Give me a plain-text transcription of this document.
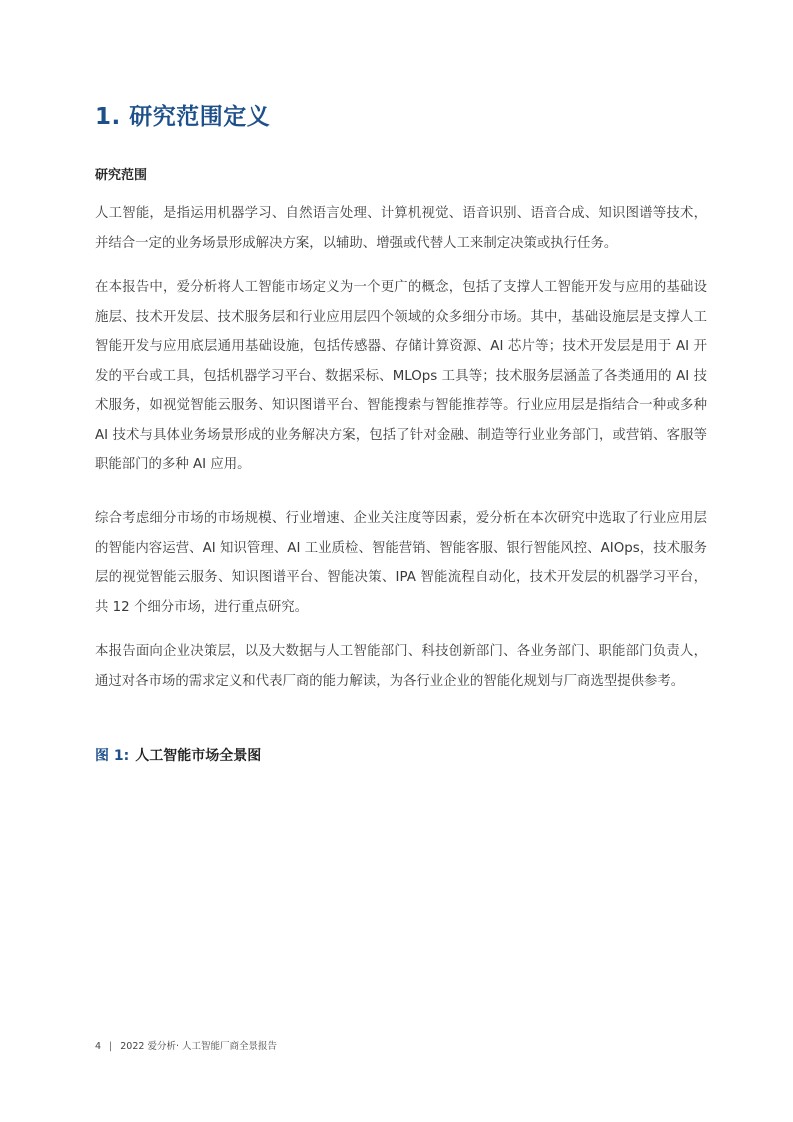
1. 研究范围定义
研究范围

人工智能，是指运用机器学习、自然语言处理、计算机视觉、语音识别、语音合成、知识图谱等技术，并结合一定的业务场景形成解决方案，以辅助、增强或代替人工来制定决策或执行任务。

在本报告中，爱分析将人工智能市场定义为一个更广的概念，包括了支撑人工智能开发与应用的基础设施层、技术开发层、技术服务层和行业应用层四个领域的众多细分市场。其中，基础设施层是支撑人工智能开发与应用底层通用基础设施，包括传感器、存储计算资源、AI 芯片等；技术开发层是用于 AI 开发的平台或工具，包括机器学习平台、数据采标、MLOps 工具等；技术服务层涵盖了各类通用的 AI 技术服务，如视觉智能云服务、知识图谱平台、智能搜索与智能推荐等。行业应用层是指结合一种或多种 AI 技术与具体业务场景形成的业务解决方案，包括了针对金融、制造等行业业务部门，或营销、客服等职能部门的多种 AI 应用。

综合考虑细分市场的市场规模、行业增速、企业关注度等因素，爱分析在本次研究中选取了行业应用层的智能内容运营、AI 知识管理、AI 工业质检、智能营销、智能客服、银行智能风控、AIOps，技术服务层的视觉智能云服务、知识图谱平台、智能决策、IPA 智能流程自动化，技术开发层的机器学习平台，共 12 个细分市场，进行重点研究。

本报告面向企业决策层，以及大数据与人工智能部门、科技创新部门、各业务部门、职能部门负责人，通过对各市场的需求定义和代表厂商的能力解读，为各行业企业的智能化规划与厂商选型提供参考。

图 1: 人工智能市场全景图
4 | 2022 爱分析· 人工智能厂商全景报告
